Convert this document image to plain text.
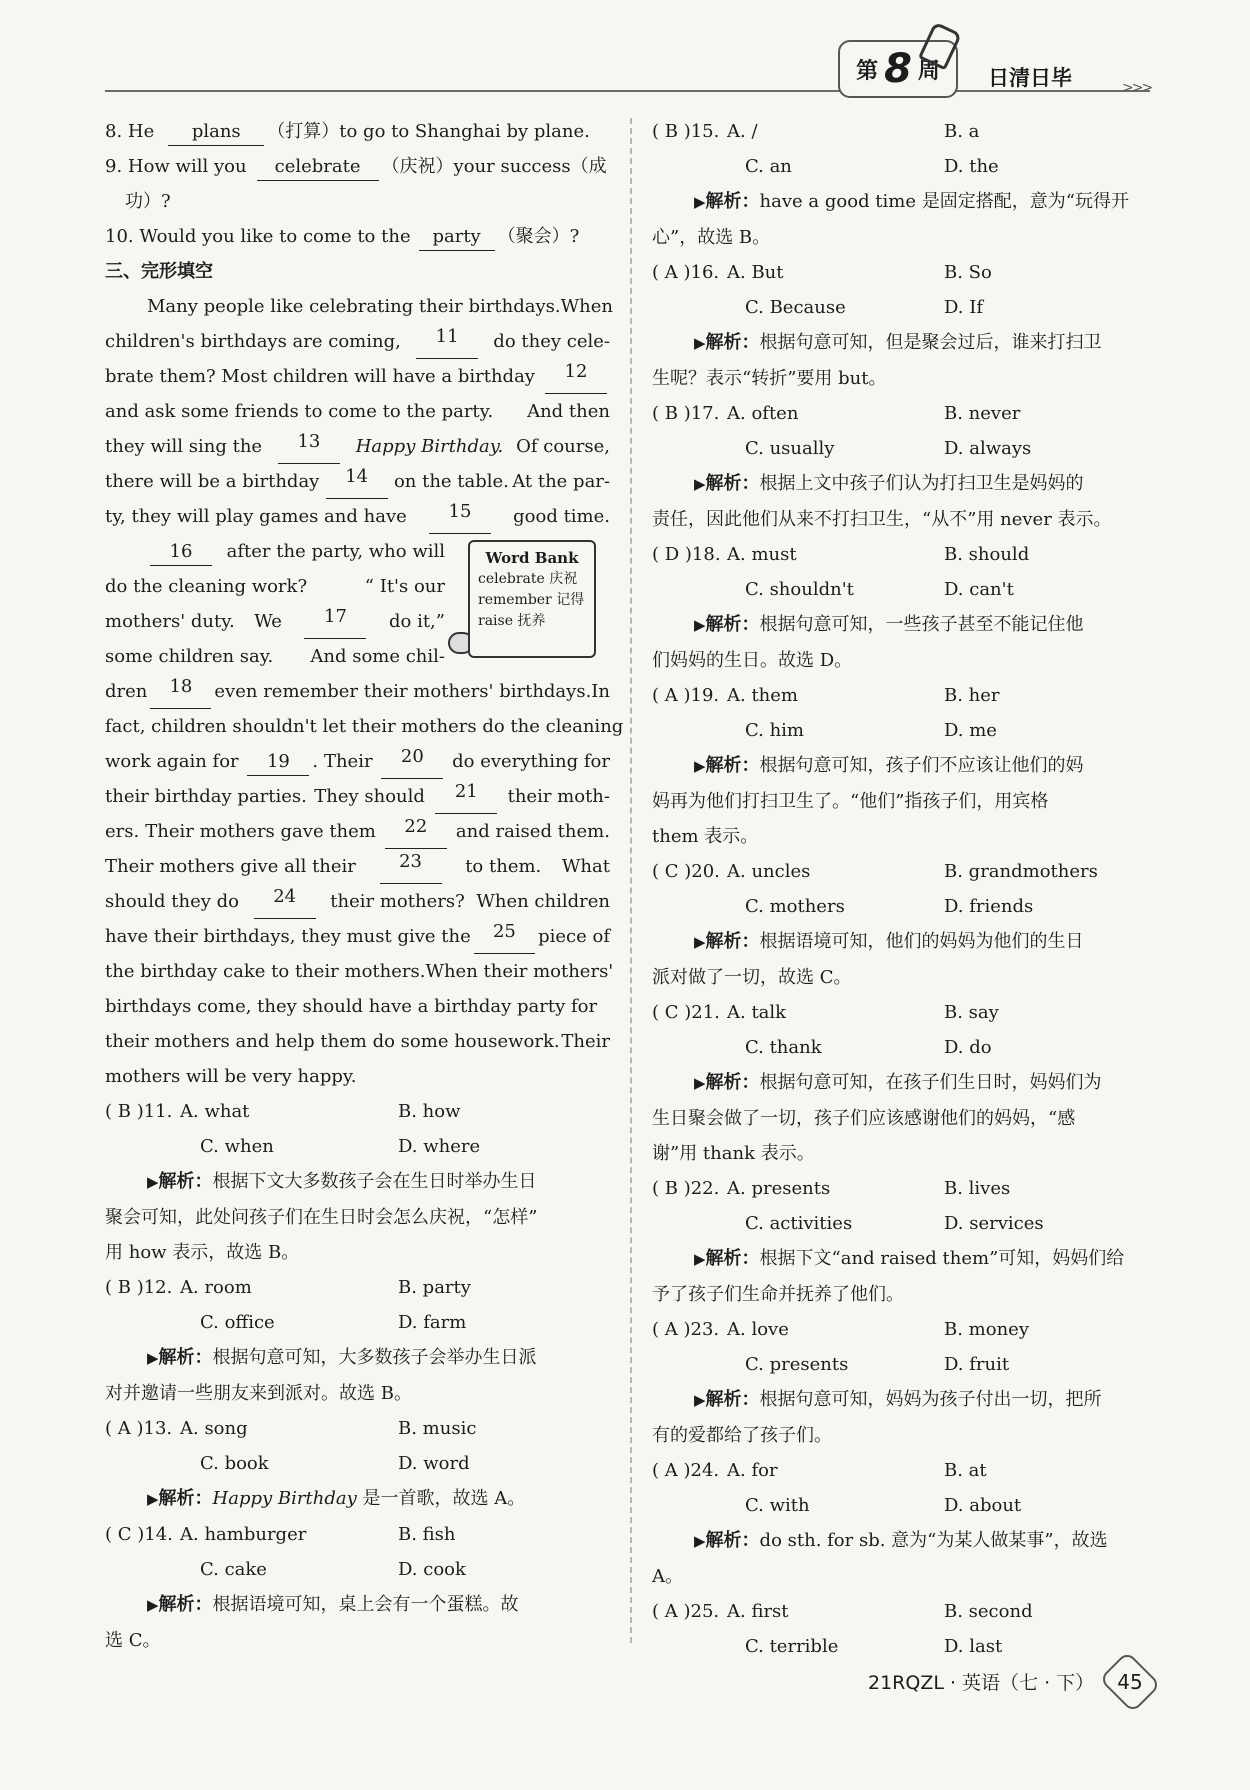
>>>
第 8 周 日清日毕
8. He	plans	（打算）to go to Shanghai by plane.
9. How will you	celebrate	（庆祝）your success（成
功）?
10. Would you like to come to the	party （聚会）?
三、完形填空
Many people like celebrating their birthdays. When
children's birthdays are coming,	11	do they cele-
brate them? Most children will have a birthday	12
and ask some friends to come to the party. And then
they will sing the	13	Happy Birthday. Of course,
there will be a birthday	14	on the table. At the par-
ty, they will play games and have	15	good time.
16	after the party, who will
do the cleaning work?	“ It's our
mothers' duty. We	17	do it,”
some children say. And some chil-
dren	18	even remember their mothers' birthdays. In
fact, children shouldn't let their mothers do the cleaning
work again for	19 . Their	20	do everything for
their birthday parties. They should	21	their moth-
ers. Their mothers gave them	22	and raised them.
Their mothers give all their	23	to them. What
should they do	24	their mothers? When children
have their birthdays, they must give the	25	piece of
the birthday cake to their mothers. When their mothers'
birthdays come, they should have a birthday party for
their mothers and help them do some housework. Their
mothers will be very happy.
( B )11. A. what	B. how
C. when	D. where
▶解析：根据下文大多数孩子会在生日时举办生日
聚会可知，此处问孩子们在生日时会怎么庆祝，“怎样”
用 how 表示，故选 B。
( B )12. A. room	B. party
C. office	D. farm
▶解析：根据句意可知，大多数孩子会举办生日派
对并邀请一些朋友来到派对。故选 B。
( A )13. A. song	B. music
C. book	D. word
▶解析：Happy Birthday 是一首歌，故选 A。
( C )14. A. hamburger	B. fish
C. cake	D. cook
▶解析：根据语境可知，桌上会有一个蛋糕。故
选 C。
Word Bank
celebrate 庆祝
remember 记得
raise 抚养
( B )15. A. /	B. a
C. an	D. the
▶解析：have a good time 是固定搭配，意为“玩得开
心”，故选 B。
( A )16. A. But	B. So
C. Because	D. If
▶解析：根据句意可知，但是聚会过后，谁来打扫卫
生呢？表示“转折”要用 but。
( B )17. A. often	B. never
C. usually	D. always
▶解析：根据上文中孩子们认为打扫卫生是妈妈的
责任，因此他们从来不打扫卫生，“从不”用 never 表示。
( D )18. A. must	B. should
C. shouldn't	D. can't
▶解析：根据句意可知，一些孩子甚至不能记住他
们妈妈的生日。故选 D。
( A )19. A. them	B. her
C. him	D. me
▶解析：根据句意可知，孩子们不应该让他们的妈
妈再为他们打扫卫生了。“他们”指孩子们，用宾格
them 表示。
( C )20. A. uncles	B. grandmothers
C. mothers	D. friends
▶解析：根据语境可知，他们的妈妈为他们的生日
派对做了一切，故选 C。
( C )21. A. talk	B. say
C. thank	D. do
▶解析：根据句意可知，在孩子们生日时，妈妈们为
生日聚会做了一切，孩子们应该感谢他们的妈妈，“感
谢”用 thank 表示。
( B )22. A. presents	B. lives
C. activities	D. services
▶解析：根据下文“and raised them”可知，妈妈们给
予了孩子们生命并抚养了他们。
( A )23. A. love	B. money
C. presents	D. fruit
▶解析：根据句意可知，妈妈为孩子付出一切，把所
有的爱都给了孩子们。
( A )24. A. for	B. at
C. with	D. about
▶解析：do sth. for sb. 意为“为某人做某事”，故选
A。
( A )25. A. first	B. second
C. terrible	D. last
21RQZL · 英语（七 · 下）	45
